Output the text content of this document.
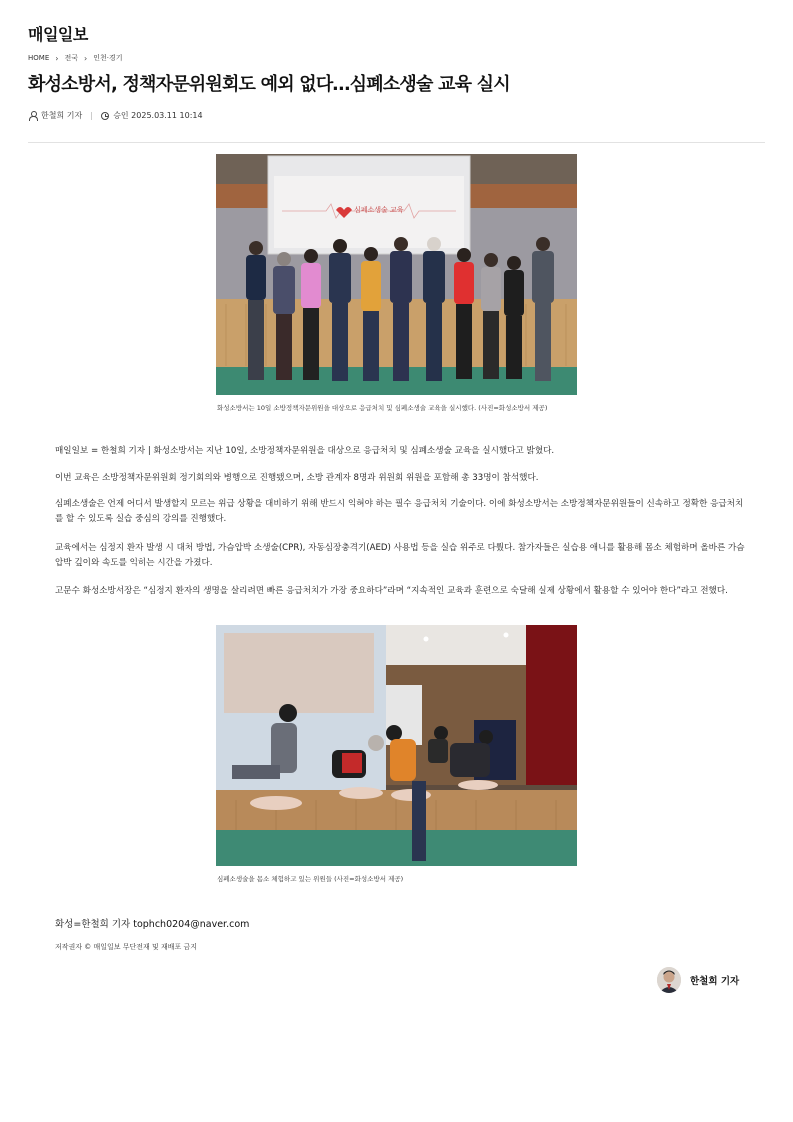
매일일보
HOME › 전국 › 인천·경기
화성소방서, 정책자문위원회도 예외 없다…심폐소생술 교육 실시
한철희 기자	승인 2025.03.11 10:14
심폐소생술 교육
화성소방서는 10일 소방정책자문위원을 대상으로 응급처치 및 심폐소생술 교육을 실시했다. (사진=화성소방서 제공)

매일일보 = 한철희 기자 | 화성소방서는 지난 10일, 소방정책자문위원을 대상으로 응급처치 및 심폐소생술 교육을 실시했다고 밝혔다.

이번 교육은 소방정책자문위원회 정기회의와 병행으로 진행됐으며, 소방 관계자 8명과 위원회 위원을 포함해 총 33명이 참석했다.

심폐소생술은 언제 어디서 발생할지 모르는 위급 상황을 대비하기 위해 반드시 익혀야 하는 필수 응급처치 기술이다. 이에 화성소방서는 소방정책자문위원들이 신속하고 정확한 응급처치를 할 수 있도록 실습 중심의 강의를 진행했다.

교육에서는 심정지 환자 발생 시 대처 방법, 가슴압박 소생술(CPR), 자동심장충격기(AED) 사용법 등을 실습 위주로 다뤘다. 참가자들은 실습용 애니를 활용해 몸소 체험하며 올바른 가슴압박 깊이와 속도를 익히는 시간을 가졌다.

고문수 화성소방서장은 “심정지 환자의 생명을 살리려면 빠른 응급처치가 가장 중요하다”라며 “지속적인 교육과 훈련으로 숙달해 실제 상황에서 활용할 수 있어야 한다”라고 전했다.

심폐소생술을 몸소 체험하고 있는 위원들 (사진=화성소방서 제공)
화성=한철희 기자 tophch0204@naver.com
저작권자 © 매일일보 무단전재 및 재배포 금지
한철희 기자
